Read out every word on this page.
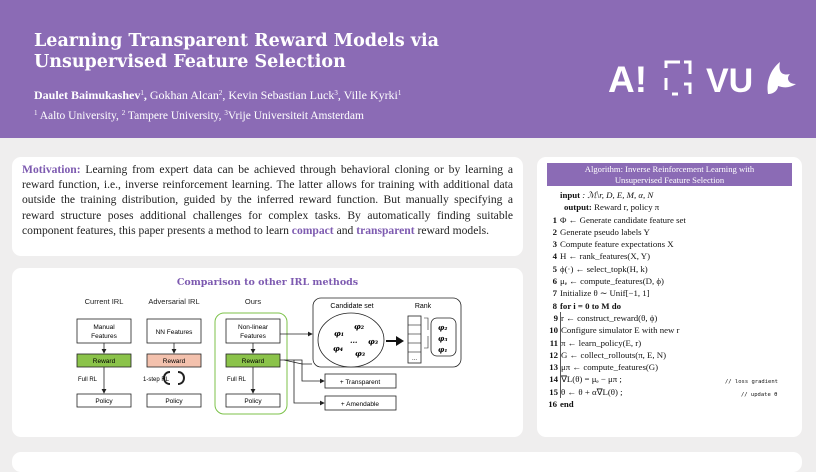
Learning Transparent Reward Models via
Unsupervised Feature Selection
Daulet Baimukashev$^1$, Gokhan Alcan$^2$, Kevin Sebastian Luck$^3$, Ville Kyrki$^1$
$^1$ Aalto University, $^2$ Tampere University, $^3$Vrije Universiteit Amsterdam
A! VU
Motivation: Learning from expert data can be achieved through behavioral cloning or by learning a reward function, i.e., inverse reinforcement learning. The latter allows for training with additional data outside the training distribution, guided by the inferred reward function. But manually specifying a reward structure poses additional challenges for complex tasks. By automatically finding suitable component features, this paper presents a method to learn compact and transparent reward models.
Comparison to other IRL methods
Current IRL	Adversarial IRL	Ours
Manual
Features
Reward
Full RL
Policy
NN Features
Reward
1-step RL
Policy
Non-linear
Features
Reward
Full RL
Policy
Candidate set	Rank
φ₁
φ₂
φ₃
φ₄
φ₃
…
...
φ₂
φ₃
φ₁
+ Transparent
+ Amendable
Algorithm: Inverse Reinforcement Learning with
Unsupervised Feature Selection
input : ℳ\r, D, E, M, α, N
output: Reward r, policy π
1 Φ ← Generate candidate feature set
2 Generate pseudo labels Y
3 Compute feature expectations X
4 H ← rank_features(X, Y)
5 ϕ(·) ← select_topk(H, k)
6 μₑ ← compute_features(D, ϕ)
7 Initialize θ ∼ Unif[−1, 1]
8 for i = 0 to M do
9 r ← construct_reward(θ, ϕ)
10 Configure simulator E with new r
11 π ← learn_policy(E, r)
12 G ← collect_rollouts(π, E, N)
13 μπ ← compute_features(G)
14 ∇L(θ) = μₑ − μπ ;	// loss gradient
15 θ ← θ + α∇L(θ) ;	// update θ
16 end
